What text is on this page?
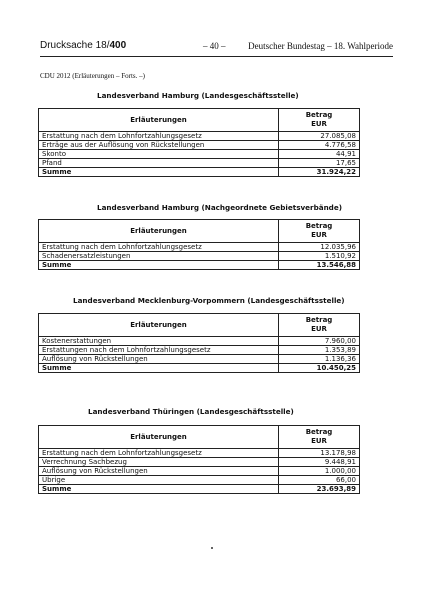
Drucksache 18/400	– 40 –	Deutscher Bundestag – 18. Wahlperiode
CDU 2012 (Erläuterungen – Forts. –)
Landesverband Hamburg (Landesgeschäftsstelle)
Erläuterungen	Betrag
EUR
Erstattung nach dem Lohnfortzahlungsgesetz	27.085,08
Erträge aus der Auflösung von Rückstellungen	4.776,58
Skonto	44,91
Pfand	17,65
Summe	31.924,22
Landesverband Hamburg (Nachgeordnete Gebietsverbände)
Erläuterungen	Betrag
EUR
Erstattung nach dem Lohnfortzahlungsgesetz	12.035,96
Schadenersatzleistungen	1.510,92
Summe	13.546,88
Landesverband Mecklenburg-Vorpommern (Landesgeschäftsstelle)
Erläuterungen	Betrag
EUR
Kostenerstattungen	7.960,00
Erstattungen nach dem Lohnfortzahlungsgesetz	1.353,89
Auflösung von Rückstellungen	1.136,36
Summe	10.450,25
Landesverband Thüringen (Landesgeschäftsstelle)
Erläuterungen	Betrag
EUR
Erstattung nach dem Lohnfortzahlungsgesetz	13.178,98
Verrechnung Sachbezug	9.448,91
Auflösung von Rückstellungen	1.000,00
Übrige	66,00
Summe	23.693,89
